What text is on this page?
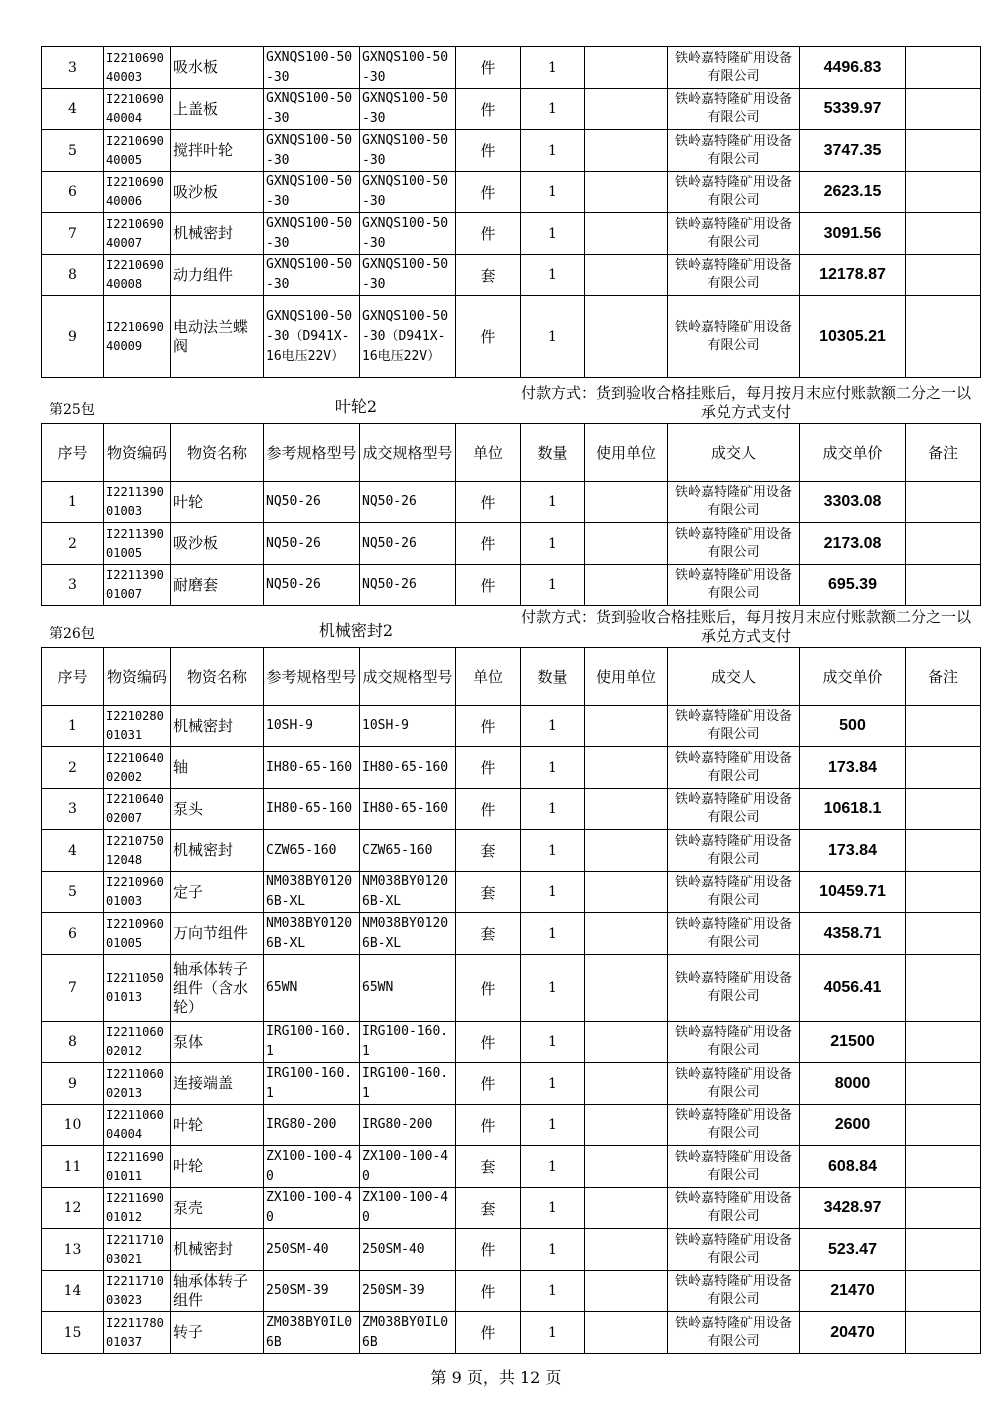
3	I221069040003	吸水板	GXNQS100-50-30	GXNQS100-50-30	件	1		铁岭嘉特隆矿用设备有限公司	4496.83	
4	I221069040004	上盖板	GXNQS100-50-30	GXNQS100-50-30	件	1		铁岭嘉特隆矿用设备有限公司	5339.97	
5	I221069040005	搅拌叶轮	GXNQS100-50-30	GXNQS100-50-30	件	1		铁岭嘉特隆矿用设备有限公司	3747.35	
6	I221069040006	吸沙板	GXNQS100-50-30	GXNQS100-50-30	件	1		铁岭嘉特隆矿用设备有限公司	2623.15	
7	I221069040007	机械密封	GXNQS100-50-30	GXNQS100-50-30	件	1		铁岭嘉特隆矿用设备有限公司	3091.56	
8	I221069040008	动力组件	GXNQS100-50-30	GXNQS100-50-30	套	1		铁岭嘉特隆矿用设备有限公司	12178.87	
9	I221069040009	电动法兰蝶阀	GXNQS100-50-30（D941X-16电压22V）	GXNQS100-50-30（D941X-16电压22V）	件	1		铁岭嘉特隆矿用设备有限公司	10305.21	
第25包	叶轮2
付款方式：货到验收合格挂账后，每月按月末应付账款额二分之一以承兑方式支付
序号	物资编码	物资名称	参考规格型号	成交规格型号	单位	数量	使用单位	成交人	成交单价	备注
1	I221139001003	叶轮	NQ50-26	NQ50-26	件	1		铁岭嘉特隆矿用设备有限公司	3303.08	
2	I221139001005	吸沙板	NQ50-26	NQ50-26	件	1		铁岭嘉特隆矿用设备有限公司	2173.08	
3	I221139001007	耐磨套	NQ50-26	NQ50-26	件	1		铁岭嘉特隆矿用设备有限公司	695.39	
第26包	机械密封2
付款方式：货到验收合格挂账后，每月按月末应付账款额二分之一以承兑方式支付
序号	物资编码	物资名称	参考规格型号	成交规格型号	单位	数量	使用单位	成交人	成交单价	备注
1	I221028001031	机械密封	10SH-9	10SH-9	件	1		铁岭嘉特隆矿用设备有限公司	500	
2	I221064002002	轴	IH80-65-160	IH80-65-160	件	1		铁岭嘉特隆矿用设备有限公司	173.84	
3	I221064002007	泵头	IH80-65-160	IH80-65-160	件	1		铁岭嘉特隆矿用设备有限公司	10618.1	
4	I221075012048	机械密封	CZW65-160	CZW65-160	套	1		铁岭嘉特隆矿用设备有限公司	173.84	
5	I221096001003	定子	NM038BY01206B-XL	NM038BY01206B-XL	套	1		铁岭嘉特隆矿用设备有限公司	10459.71	
6	I221096001005	万向节组件	NM038BY01206B-XL	NM038BY01206B-XL	套	1		铁岭嘉特隆矿用设备有限公司	4358.71	
7	I221105001013	轴承体转子组件（含水轮）	65WN	65WN	件	1		铁岭嘉特隆矿用设备有限公司	4056.41	
8	I221106002012	泵体	IRG100-160.1	IRG100-160.1	件	1		铁岭嘉特隆矿用设备有限公司	21500	
9	I221106002013	连接端盖	IRG100-160.1	IRG100-160.1	件	1		铁岭嘉特隆矿用设备有限公司	8000	
10	I221106004004	叶轮	IRG80-200	IRG80-200	件	1		铁岭嘉特隆矿用设备有限公司	2600	
11	I221169001011	叶轮	ZX100-100-40	ZX100-100-40	套	1		铁岭嘉特隆矿用设备有限公司	608.84	
12	I221169001012	泵壳	ZX100-100-40	ZX100-100-40	套	1		铁岭嘉特隆矿用设备有限公司	3428.97	
13	I221171003021	机械密封	250SM-40	250SM-40	件	1		铁岭嘉特隆矿用设备有限公司	523.47	
14	I221171003023	轴承体转子组件	250SM-39	250SM-39	件	1		铁岭嘉特隆矿用设备有限公司	21470	
15	I221178001037	转子	ZM038BY0IL06B	ZM038BY0IL06B	件	1		铁岭嘉特隆矿用设备有限公司	20470	
第 9 页，共 12 页
